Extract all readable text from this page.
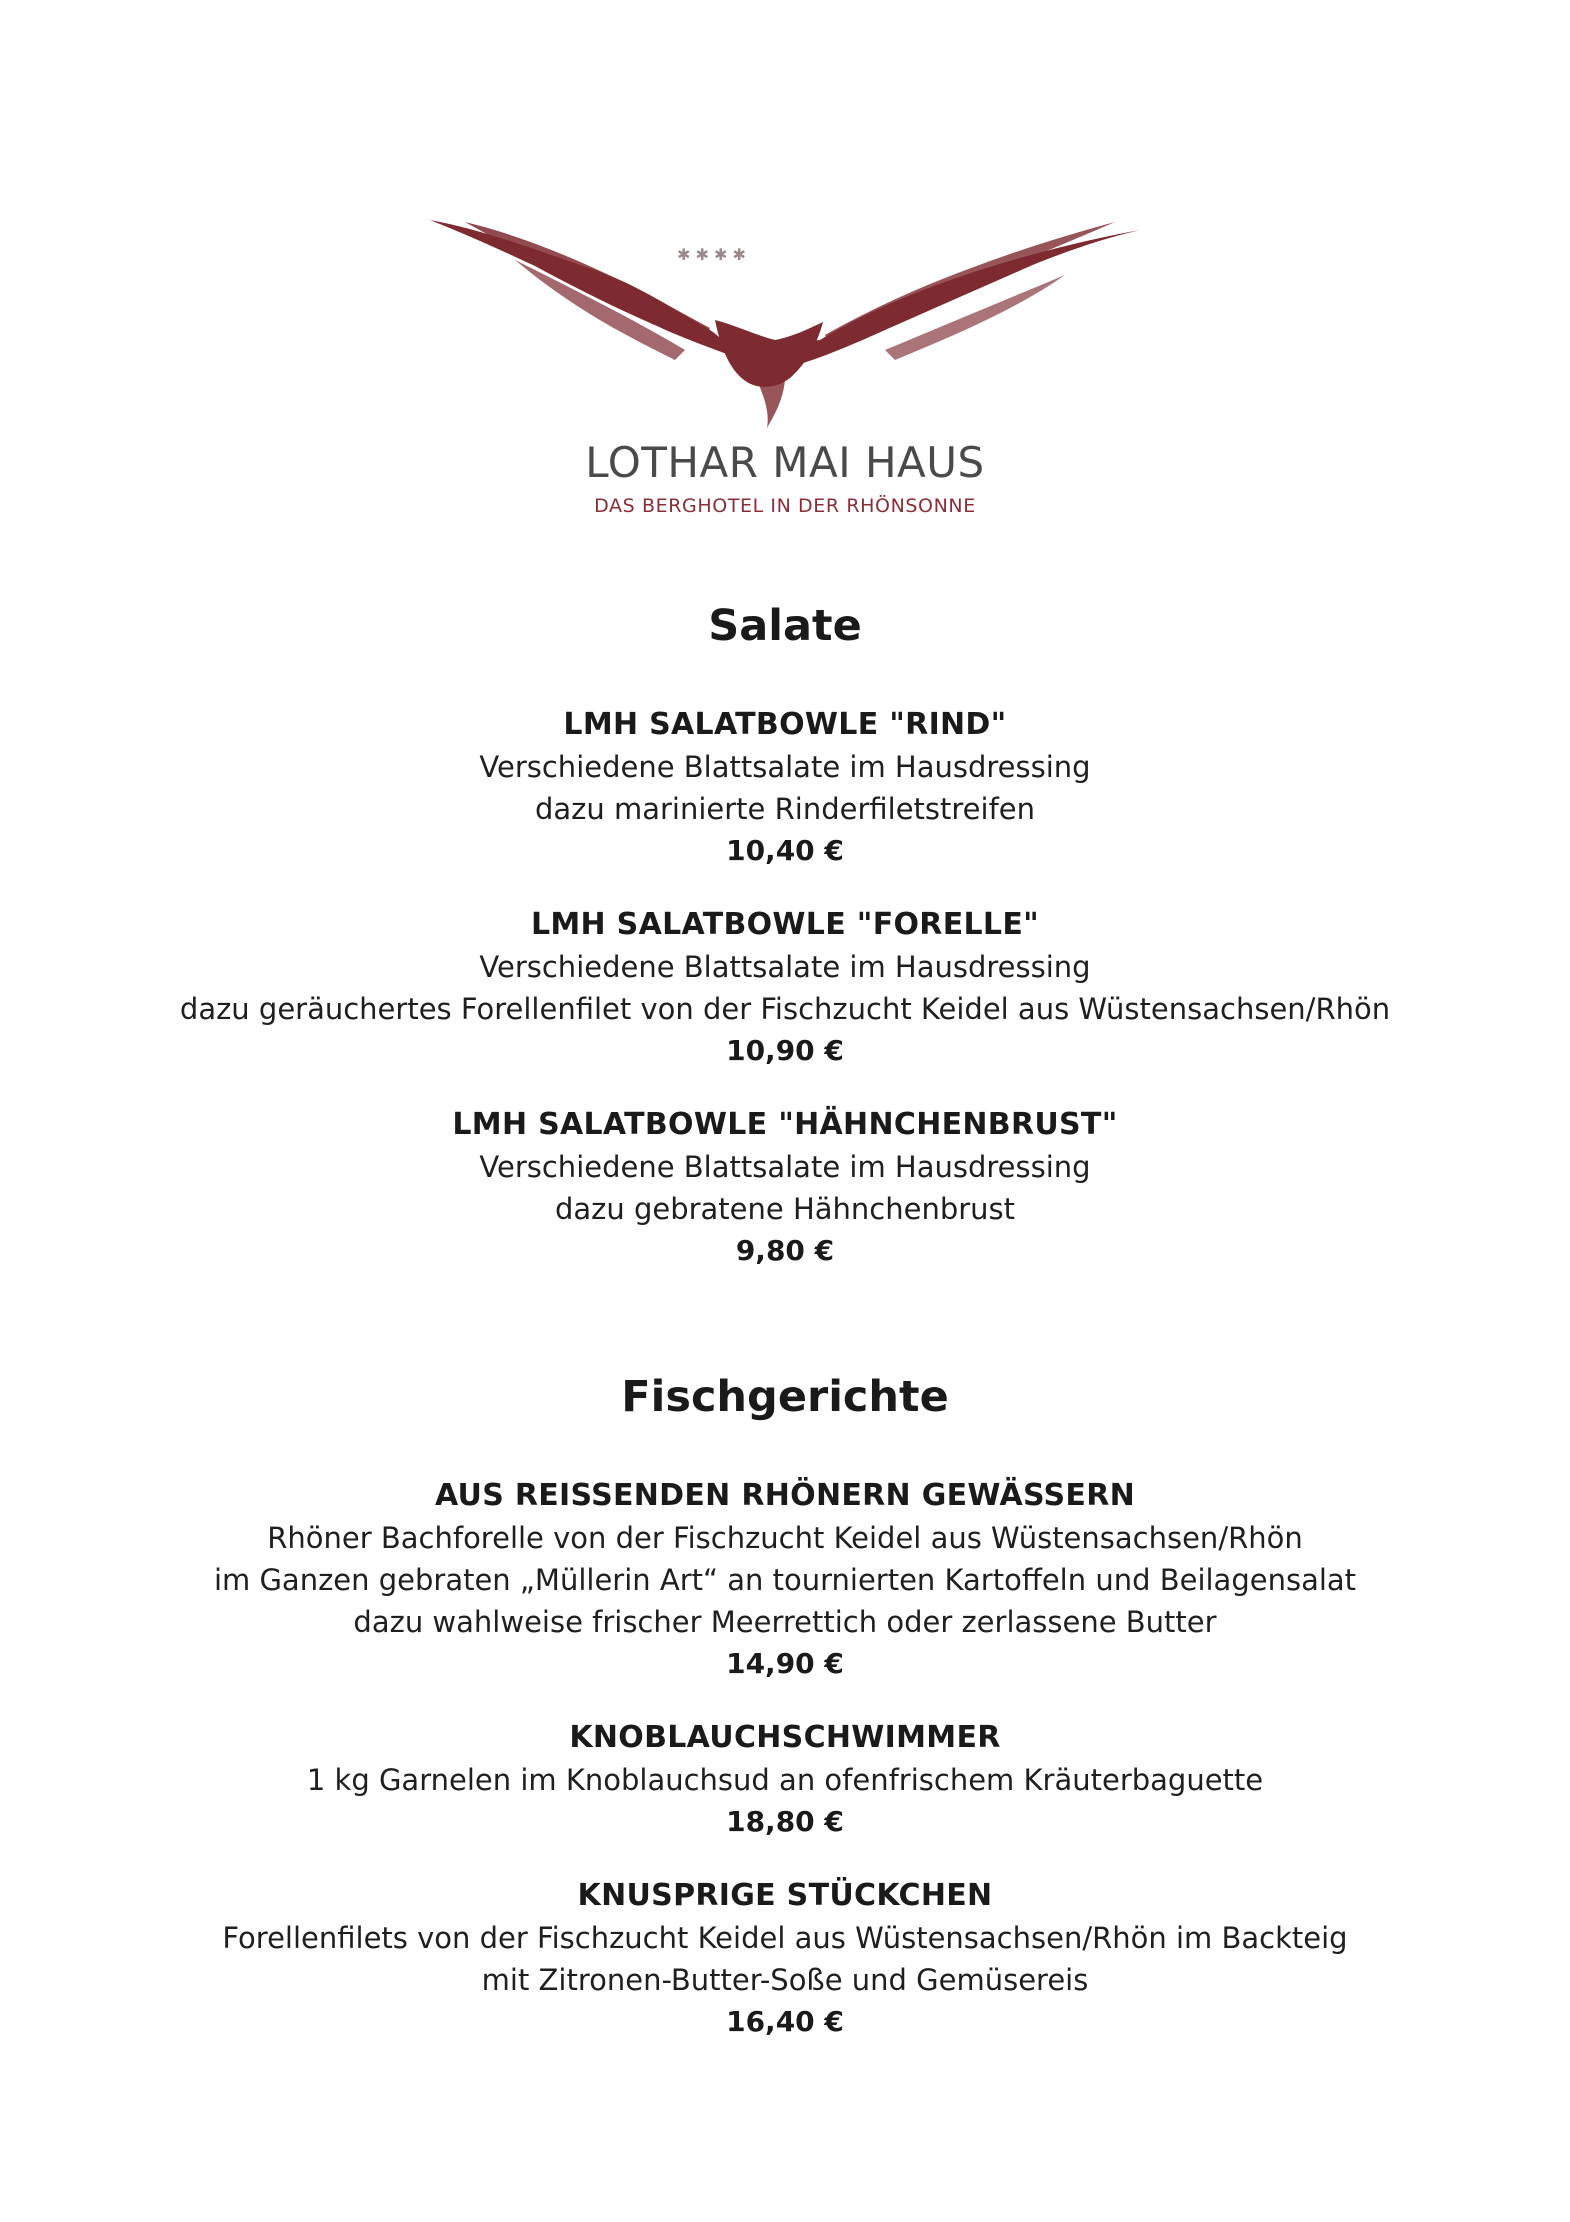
✱ ✱ ✱ ✱
LOTHAR MAI HAUS
DAS BERGHOTEL IN DER RHÖNSONNE
Salate
LMH SALATBOWLE "RIND"
Verschiedene Blattsalate im Hausdressing
dazu marinierte Rinderfiletstreifen
10,40 €
LMH SALATBOWLE "FORELLE"
Verschiedene Blattsalate im Hausdressing
dazu geräuchertes Forellenfilet von der Fischzucht Keidel aus Wüstensachsen/Rhön
10,90 €
LMH SALATBOWLE "HÄHNCHENBRUST"
Verschiedene Blattsalate im Hausdressing
dazu gebratene Hähnchenbrust
9,80 €
Fischgerichte
AUS REISSENDEN RHÖNERN GEWÄSSERN
Rhöner Bachforelle von der Fischzucht Keidel aus Wüstensachsen/Rhön
im Ganzen gebraten „Müllerin Art“ an tournierten Kartoffeln und Beilagensalat
dazu wahlweise frischer Meerrettich oder zerlassene Butter
14,90 €
KNOBLAUCHSCHWIMMER
1 kg Garnelen im Knoblauchsud an ofenfrischem Kräuterbaguette
18,80 €
KNUSPRIGE STÜCKCHEN
Forellenfilets von der Fischzucht Keidel aus Wüstensachsen/Rhön im Backteig
mit Zitronen-Butter-Soße und Gemüsereis
16,40 €
